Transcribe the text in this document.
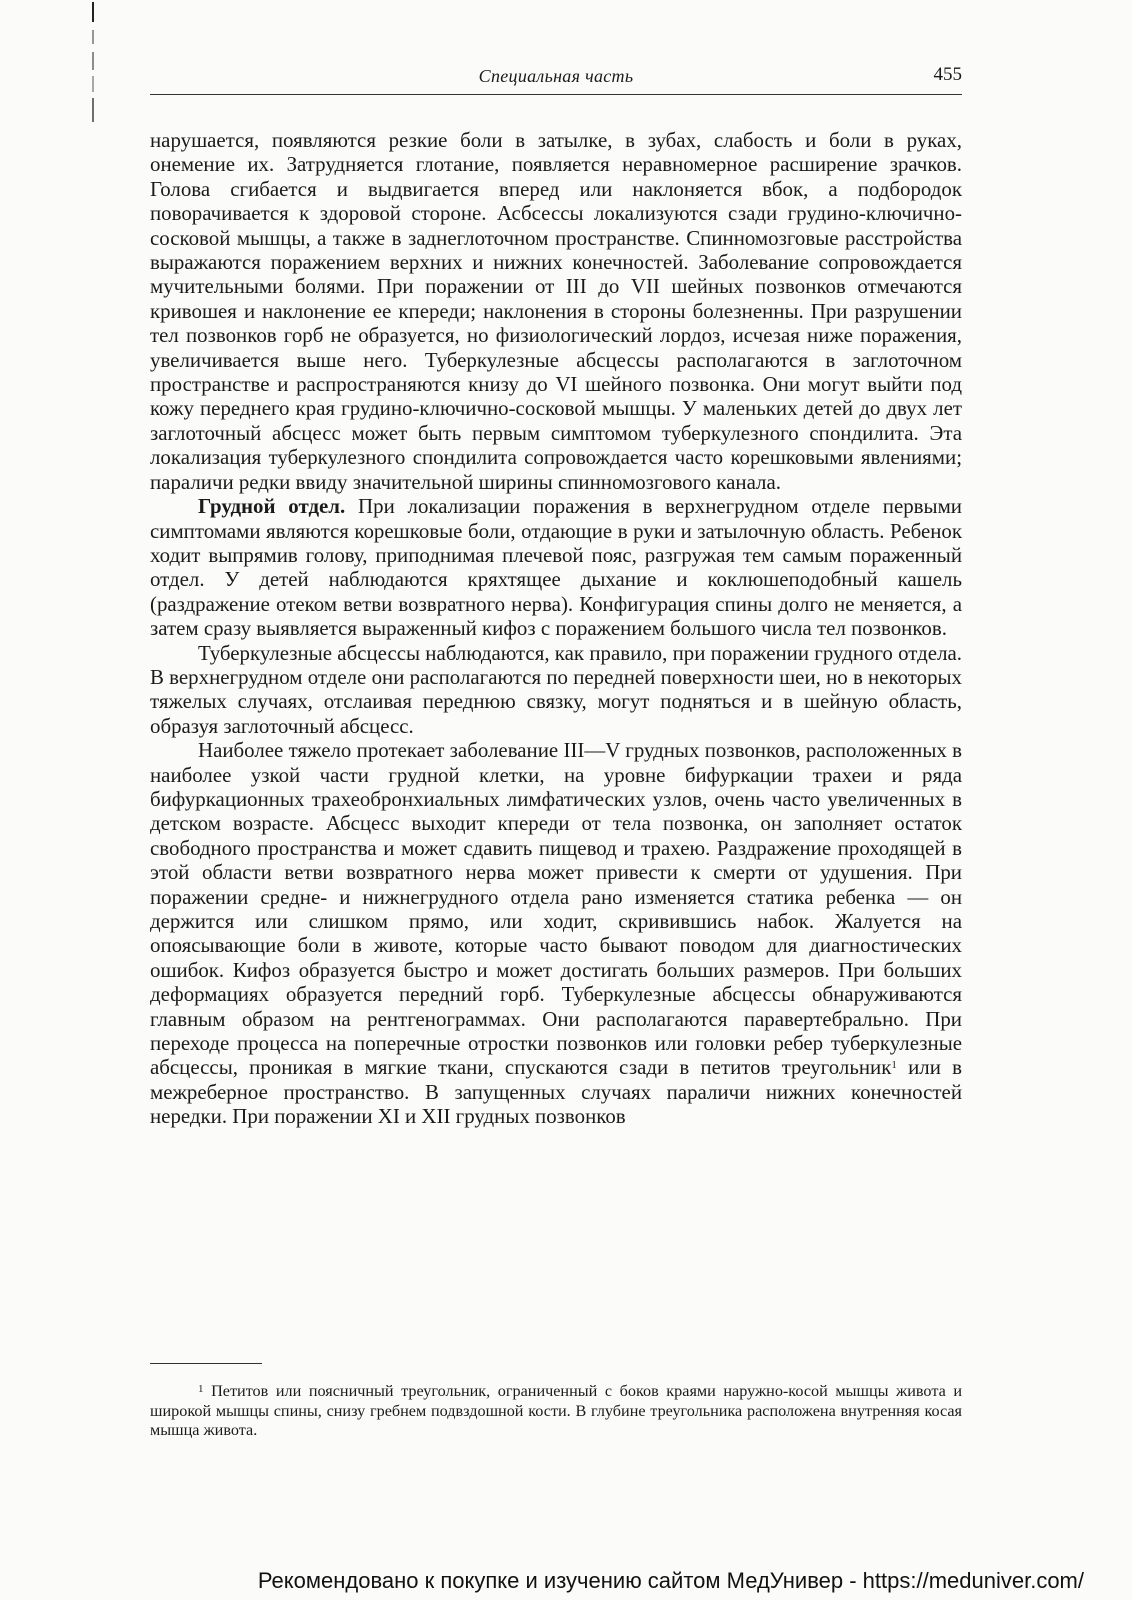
Специальная часть	455

нарушается, появляются резкие боли в затылке, в зубах, слабость и боли в руках, онемение их. Затрудняется глотание, появляется неравномерное расширение зрачков. Голова сгибается и выдвигается вперед или наклоняется вбок, а подбородок поворачивается к здоровой стороне. Асбсессы локализуются сзади грудино-ключично-сосковой мышцы, а также в заднеглоточном пространстве. Спинномозговые расстройства выражаются поражением верхних и нижних конечностей. Заболевание сопровождается мучительными болями. При поражении от III до VII шейных позвонков отмечаются кривошея и наклонение ее кпереди; наклонения в стороны болезненны. При разрушении тел позвонков горб не образуется, но физиологический лордоз, исчезая ниже поражения, увеличивается выше него. Туберкулезные абсцессы располагаются в заглоточном пространстве и распространяются книзу до VI шейного позвонка. Они могут выйти под кожу переднего края грудино-ключично-сосковой мышцы. У маленьких детей до двух лет заглоточный абсцесс может быть первым симптомом туберкулезного спондилита. Эта локализация туберкулезного спондилита сопровождается часто корешковыми явлениями; параличи редки ввиду значительной ширины спинномозгового канала.

Грудной отдел. При локализации поражения в верхнегрудном отделе первыми симптомами являются корешковые боли, отдающие в руки и затылочную область. Ребенок ходит выпрямив голову, приподнимая плечевой пояс, разгружая тем самым пораженный отдел. У детей наблюдаются кряхтящее дыхание и коклюшеподобный кашель (раздражение отеком ветви возвратного нерва). Конфигурация спины долго не меняется, а затем сразу выявляется выраженный кифоз с поражением большого числа тел позвонков.

Туберкулезные абсцессы наблюдаются, как правило, при поражении грудного отдела. В верхнегрудном отделе они располагаются по передней поверхности шеи, но в некоторых тяжелых случаях, отслаивая переднюю связку, могут подняться и в шейную область, образуя заглоточный абсцесс.

Наиболее тяжело протекает заболевание III—V грудных позвонков, расположенных в наиболее узкой части грудной клетки, на уровне бифуркации трахеи и ряда бифуркационных трахеобронхиальных лимфатических узлов, очень часто увеличенных в детском возрасте. Абсцесс выходит кпереди от тела позвонка, он заполняет остаток свободного пространства и может сдавить пищевод и трахею. Раздражение проходящей в этой области ветви возвратного нерва может привести к смерти от удушения. При поражении средне- и нижнегрудного отдела рано изменяется статика ребенка — он держится или слишком прямо, или ходит, скривившись набок. Жалуется на опоясывающие боли в животе, которые часто бывают поводом для диагностических ошибок. Кифоз образуется быстро и может достигать больших размеров. При больших деформациях образуется передний горб. Туберкулезные абсцессы обнаруживаются главным образом на рентгенограммах. Они располагаются паравертебрально. При переходе процесса на поперечные отростки позвонков или головки ребер туберкулезные абсцессы, проникая в мягкие ткани, спускаются сзади в петитов треугольник$^1$ или в межреберное пространство. В запущенных случаях параличи нижних конечностей нередки. При поражении XI и XII грудных позвонков

$^1$ Петитов или поясничный треугольник, ограниченный с боков краями наружно-косой мышцы живота и широкой мышцы спины, снизу гребнем подвздошной кости. В глубине треугольника расположена внутренняя косая мышца живота.
Рекомендовано к покупке и изучению сайтом МедУнивер - https://meduniver.com/
